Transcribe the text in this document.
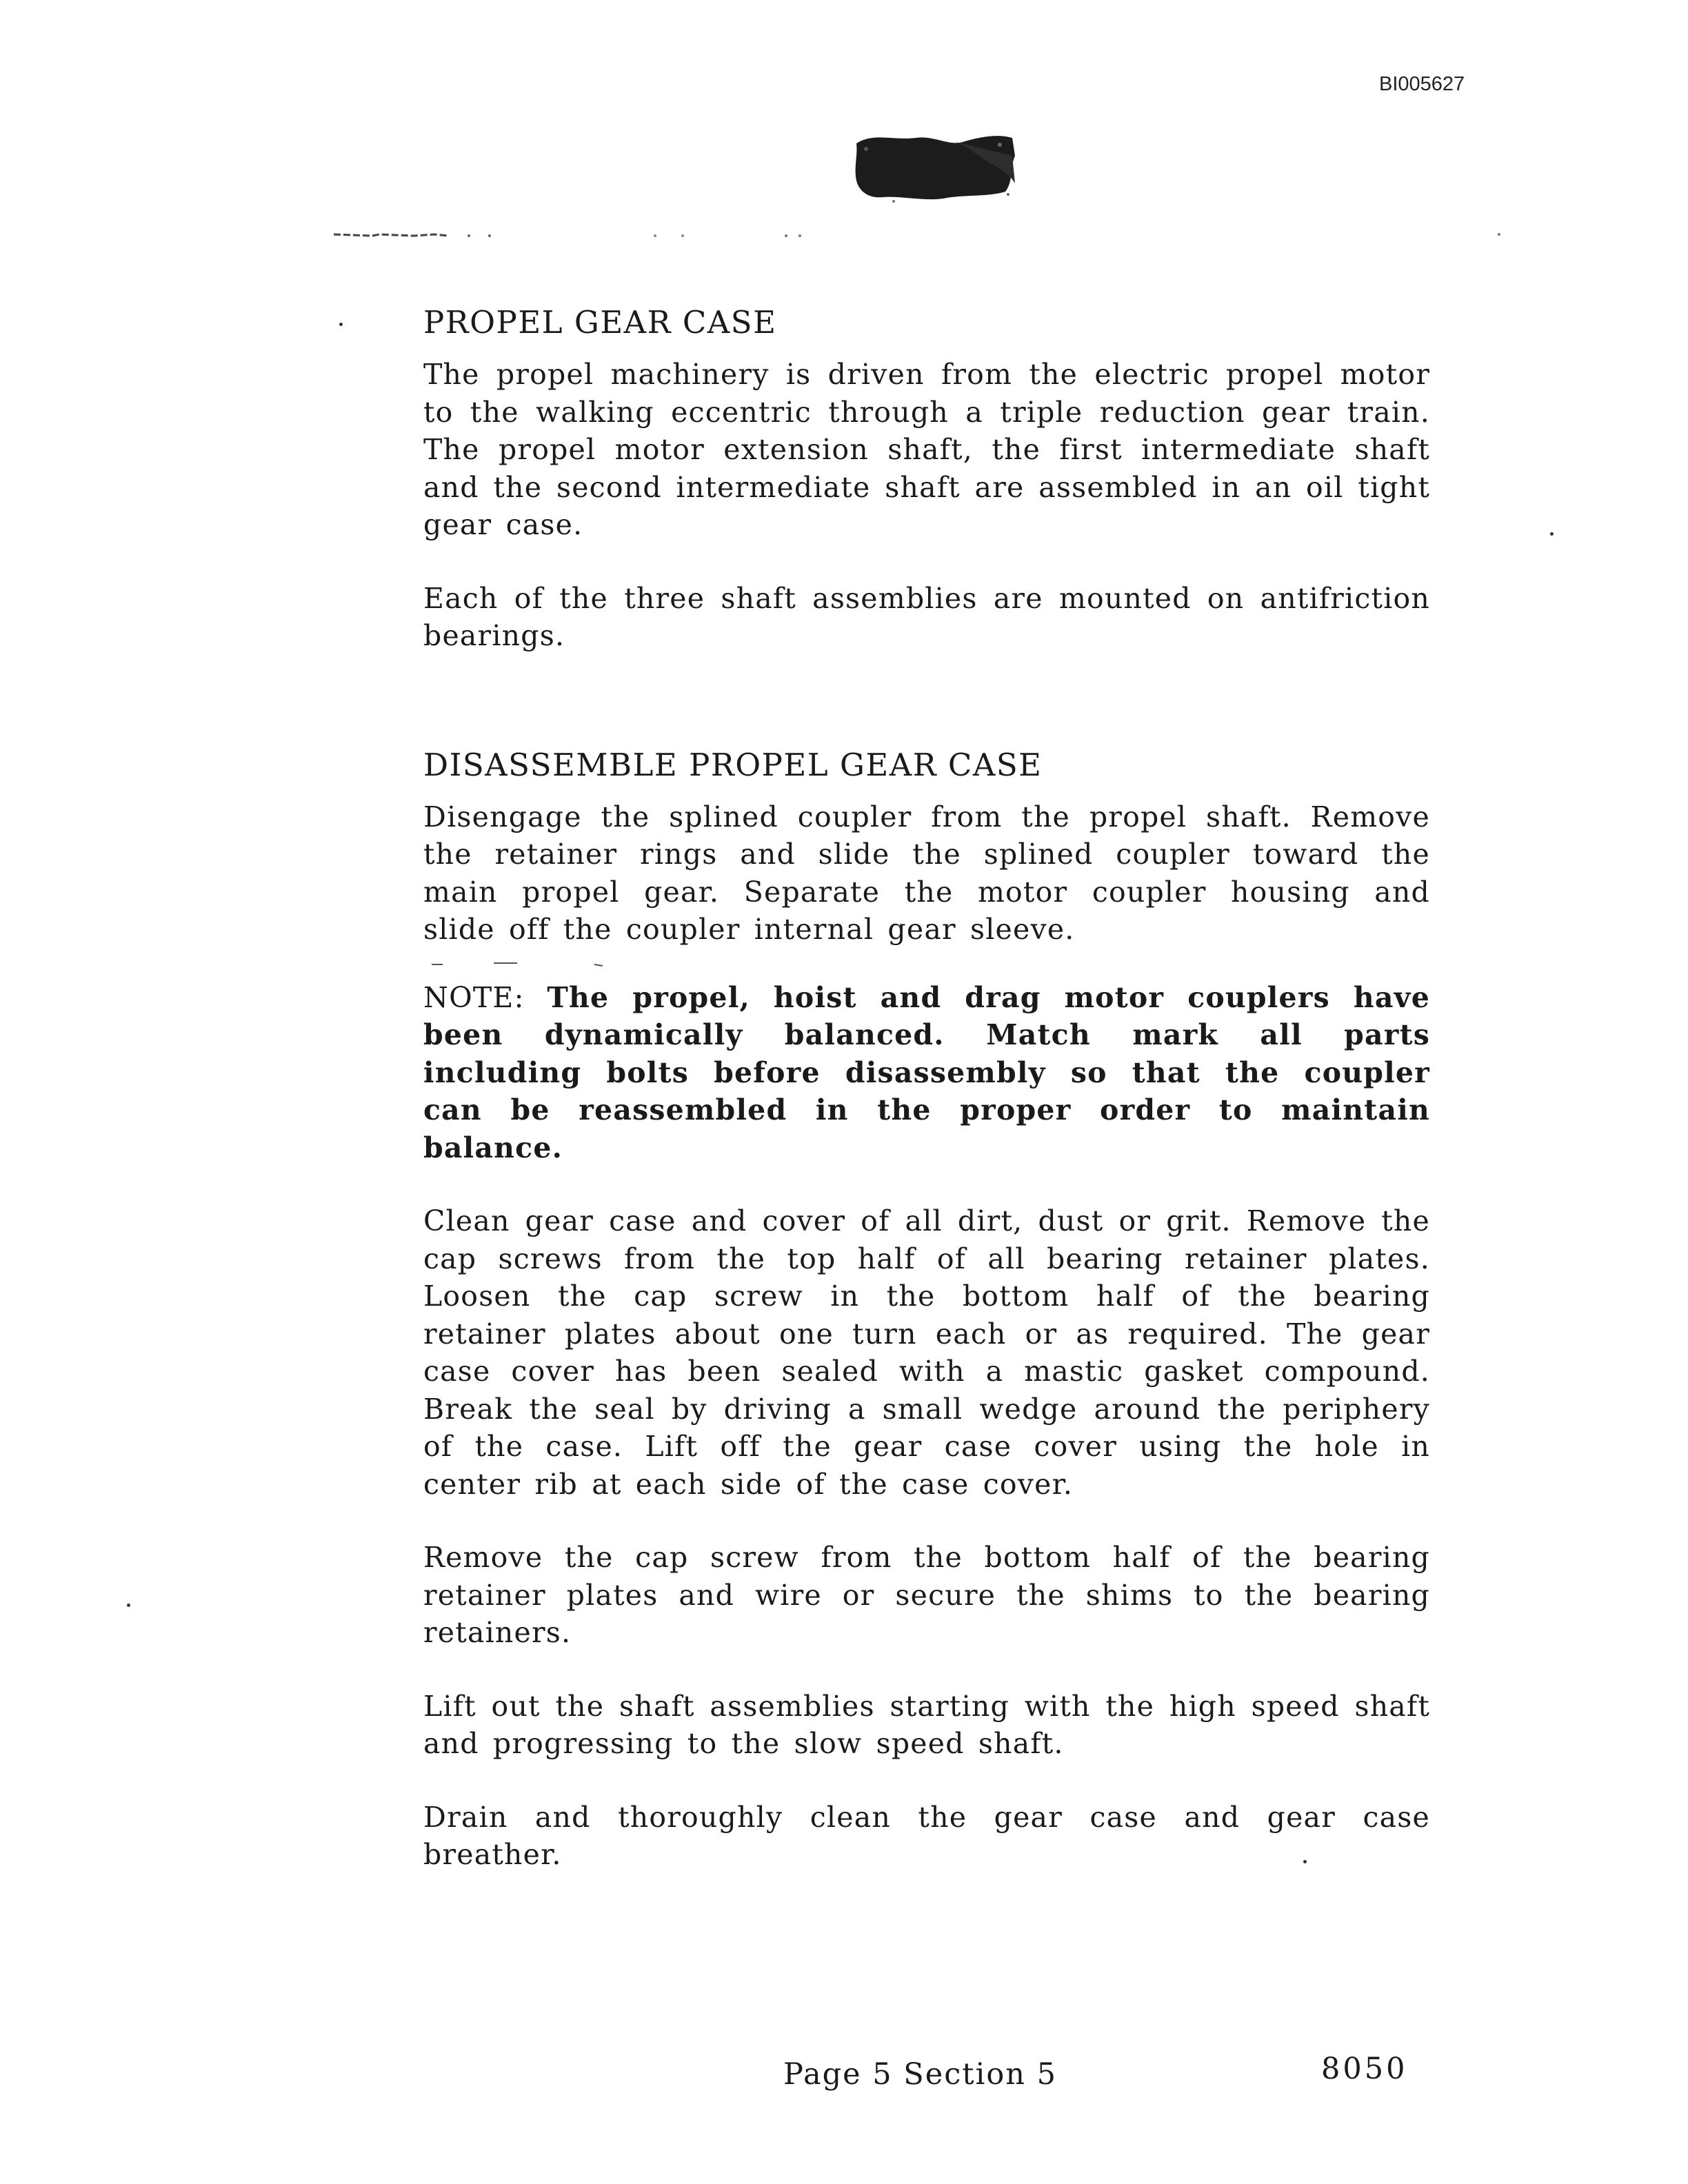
BI005627
PROPEL GEAR CASE

The propel machinery is driven from the electric propel motor to the walking eccentric through a triple reduction gear train. The propel motor extension shaft, the first intermediate shaft and the second intermediate shaft are assembled in an oil tight gear case.

Each of the three shaft assemblies are mounted on antifriction bearings.

DISASSEMBLE PROPEL GEAR CASE

Disengage the splined coupler from the propel shaft. Remove the retainer rings and slide the splined coupler toward the main propel gear. Separate the motor coupler housing and slide off the coupler internal gear sleeve.

NOTE: The propel, hoist and drag motor couplers have been dynamically balanced. Match mark all parts including bolts before disassembly so that the coupler can be reassembled in the proper order to maintain balance.

Clean gear case and cover of all dirt, dust or grit. Remove the cap screws from the top half of all bearing retainer plates. Loosen the cap screw in the bottom half of the bearing retainer plates about one turn each or as required. The gear case cover has been sealed with a mastic gasket compound. Break the seal by driving a small wedge around the periphery of the case. Lift off the gear case cover using the hole in center rib at each side of the case cover.

Remove the cap screw from the bottom half of the bearing retainer plates and wire or secure the shims to the bearing retainers.

Lift out the shaft assemblies starting with the high speed shaft and progressing to the slow speed shaft.

Drain and thoroughly clean the gear case and gear case breather.

Page 5 Section 5	8050
